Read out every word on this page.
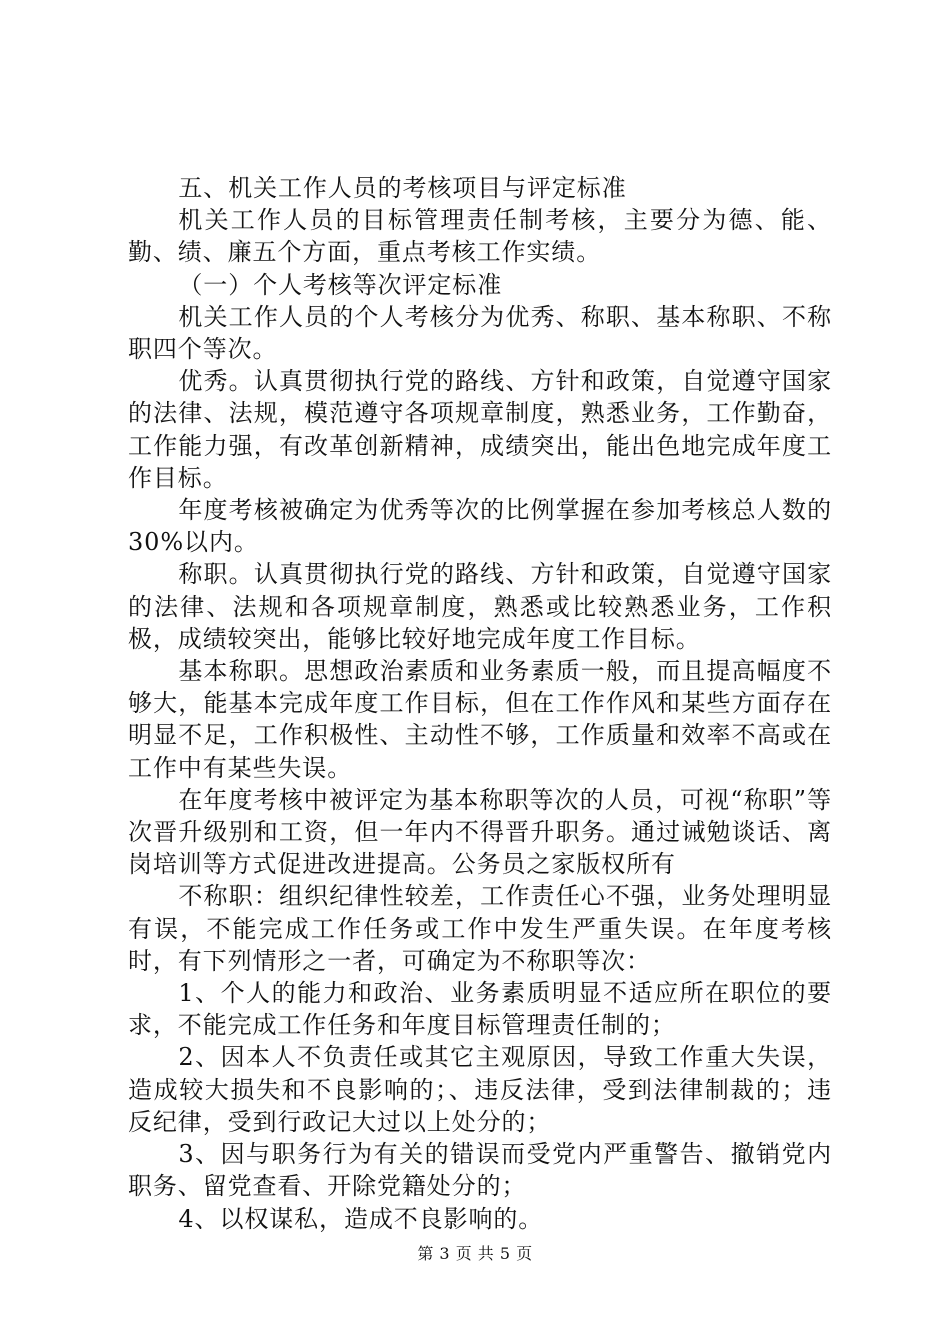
五、机关工作人员的考核项目与评定标准

机关工作人员的目标管理责任制考核，主要分为德、能、勤、绩、廉五个方面，重点考核工作实绩。

（一）个人考核等次评定标准

机关工作人员的个人考核分为优秀、称职、基本称职、不称职四个等次。

优秀。认真贯彻执行党的路线、方针和政策，自觉遵守国家的法律、法规，模范遵守各项规章制度，熟悉业务，工作勤奋，工作能力强，有改革创新精神，成绩突出，能出色地完成年度工作目标。

年度考核被确定为优秀等次的比例掌握在参加考核总人数的 30%以内。

称职。认真贯彻执行党的路线、方针和政策，自觉遵守国家的法律、法规和各项规章制度，熟悉或比较熟悉业务，工作积极，成绩较突出，能够比较好地完成年度工作目标。

基本称职。思想政治素质和业务素质一般，而且提高幅度不够大，能基本完成年度工作目标，但在工作作风和某些方面存在明显不足，工作积极性、主动性不够，工作质量和效率不高或在工作中有某些失误。

在年度考核中被评定为基本称职等次的人员，可视“称职”等次晋升级别和工资，但一年内不得晋升职务。通过诫勉谈话、离岗培训等方式促进改进提高。公务员之家版权所有

不称职：组织纪律性较差，工作责任心不强，业务处理明显有误，不能完成工作任务或工作中发生严重失误。在年度考核时，有下列情形之一者，可确定为不称职等次：

1、个人的能力和政治、业务素质明显不适应所在职位的要求，不能完成工作任务和年度目标管理责任制的；

2、因本人不负责任或其它主观原因，导致工作重大失误，造成较大损失和不良影响的；、违反法律，受到法律制裁的；违反纪律，受到行政记大过以上处分的；

3、因与职务行为有关的错误而受党内严重警告、撤销党内职务、留党查看、开除党籍处分的；

4、以权谋私，造成不良影响的。

第 3 页 共 5 页
